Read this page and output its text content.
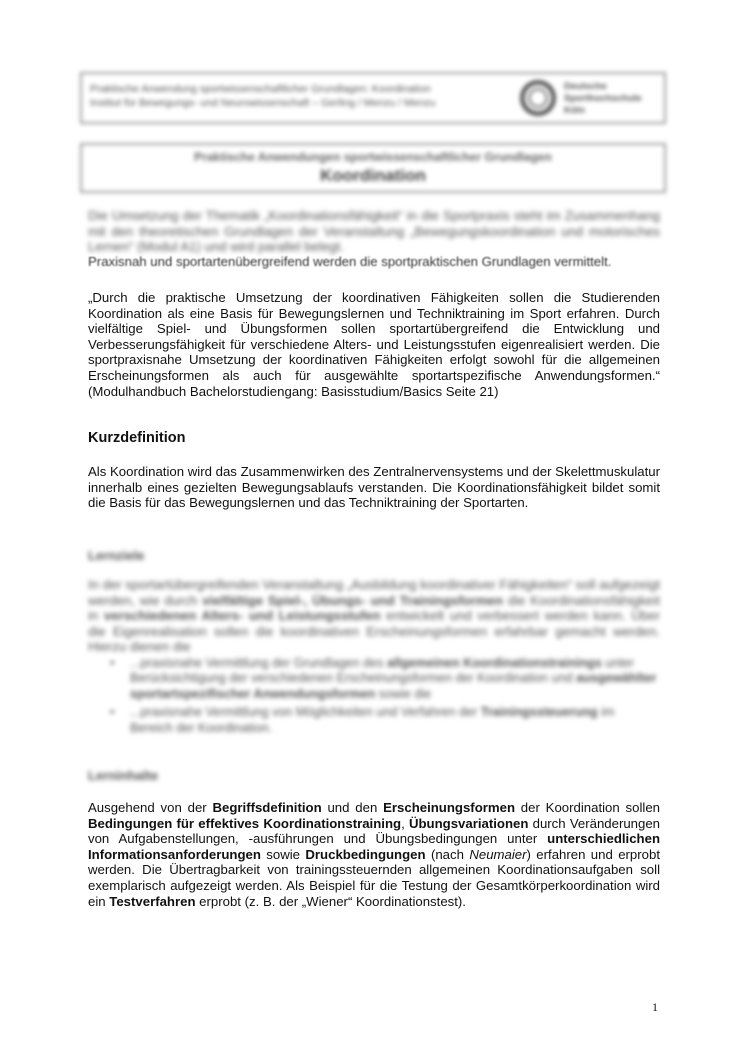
Praktische Anwendung sportwissenschaftlicher Grundlagen: Koordination
Institut für Bewegungs- und Neurowissenschaft – Gerling / Menzu / Menzu
Deutsche
Sporthochschule
Köln
Praktische Anwendungen sportwissenschaftlicher Grundlagen
Koordination
Die Umsetzung der Thematik „Koordinationsfähigkeit“ in die Sportpraxis steht im Zusammenhang mit den theoretischen Grundlagen der Veranstaltung „Bewegungskoordination und motorisches Lernen“ (Modul A1) und wird parallel belegt.
Praxisnah und sportartenübergreifend werden die sportpraktischen Grundlagen vermittelt.
„Durch die praktische Umsetzung der koordinativen Fähigkeiten sollen die Studierenden Koordination als eine Basis für Bewegungslernen und Techniktraining im Sport erfahren. Durch vielfältige Spiel- und Übungsformen sollen sportartübergreifend die Entwicklung und Verbesserungsfähigkeit für verschiedene Alters- und Leistungsstufen eigenrealisiert werden. Die sportpraxisnahe Umsetzung der koordinativen Fähigkeiten erfolgt sowohl für die allgemeinen Erscheinungsformen als auch für ausgewählte sportartspezifische Anwendungsformen.“ (Modulhandbuch Bachelorstudiengang: Basisstudium/Basics Seite 21)
Kurzdefinition
Als Koordination wird das Zusammenwirken des Zentralnervensystems und der Skelettmuskulatur innerhalb eines gezielten Bewegungsablaufs verstanden. Die Koordinationsfähigkeit bildet somit die Basis für das Bewegungslernen und das Techniktraining der Sportarten.
Lernziele
In der sportartübergreifenden Veranstaltung „Ausbildung koordinativer Fähigkeiten“ soll aufgezeigt werden, wie durch vielfältige Spiel-, Übungs- und Trainingsformen die Koordinationsfähigkeit in verschiedenen Alters- und Leistungsstufen entwickelt und verbessert werden kann. Über die Eigenrealisation sollen die koordinativen Erscheinungsformen erfahrbar gemacht werden. Hierzu dienen die
• ...praxisnahe Vermittlung der Grundlagen des allgemeinen Koordinationstrainings unter Berücksichtigung der verschiedenen Erscheinungsformen der Koordination und ausgewählter sportartspezifischer Anwendungsformen sowie die
• ...praxisnahe Vermittlung von Möglichkeiten und Verfahren der Trainingssteuerung im Bereich der Koordination.
Lerninhalte
Ausgehend von der Begriffsdefinition und den Erscheinungsformen der Koordination sollen Bedingungen für effektives Koordinationstraining, Übungsvariationen durch Veränderungen von Aufgabenstellungen, -ausführungen und Übungsbedingungen unter unterschiedlichen Informationsanforderungen sowie Druckbedingungen (nach Neumaier) erfahren und erprobt werden. Die Übertragbarkeit von trainingssteuernden allgemeinen Koordinationsaufgaben soll exemplarisch aufgezeigt werden. Als Beispiel für die Testung der Gesamtkörperkoordination wird ein Testverfahren erprobt (z. B. der „Wiener“ Koordinationstest).
1
